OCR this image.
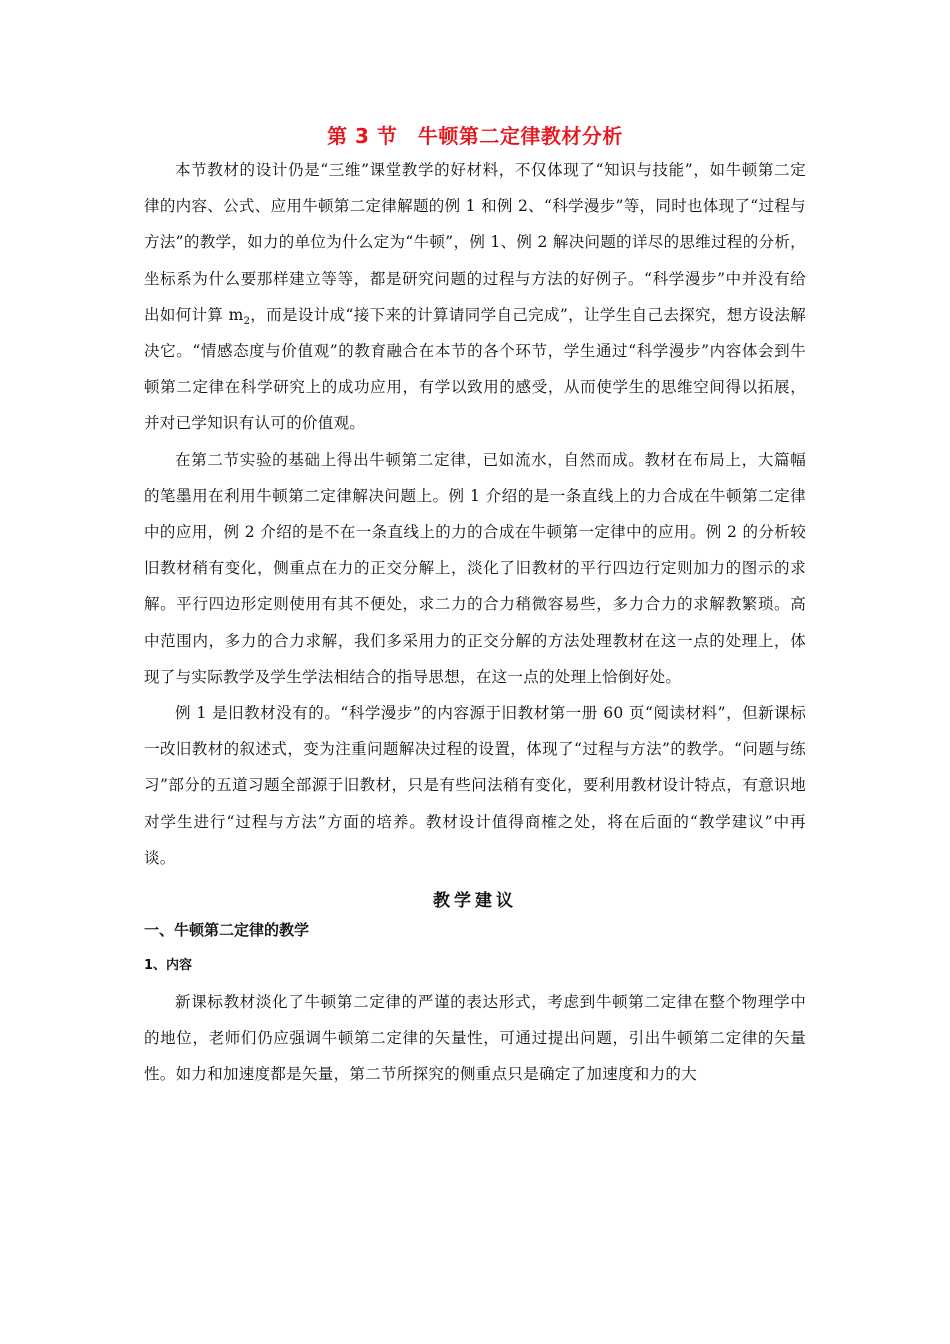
第 3 节　牛顿第二定律教材分析

本节教材的设计仍是“三维”课堂教学的好材料，不仅体现了“知识与技能”，如牛顿第二定律的内容、公式、应用牛顿第二定律解题的例 1 和例 2、“科学漫步”等，同时也体现了“过程与方法”的教学，如力的单位为什么定为“牛顿”，例 1、例 2 解决问题的详尽的思维过程的分析，坐标系为什么要那样建立等等，都是研究问题的过程与方法的好例子。“科学漫步”中并没有给出如何计算 $m_2$，而是设计成“接下来的计算请同学自己完成”，让学生自己去探究，想方设法解决它。“情感态度与价值观”的教育融合在本节的各个环节，学生通过“科学漫步”内容体会到牛顿第二定律在科学研究上的成功应用，有学以致用的感受，从而使学生的思维空间得以拓展，并对已学知识有认可的价值观。

在第二节实验的基础上得出牛顿第二定律，已如流水，自然而成。教材在布局上，大篇幅的笔墨用在利用牛顿第二定律解决问题上。例 1 介绍的是一条直线上的力合成在牛顿第二定律中的应用，例 2 介绍的是不在一条直线上的力的合成在牛顿第一定律中的应用。例 2 的分析较旧教材稍有变化，侧重点在力的正交分解上，淡化了旧教材的平行四边行定则加力的图示的求解。平行四边形定则使用有其不便处，求二力的合力稍微容易些，多力合力的求解教繁琐。高中范围内，多力的合力求解，我们多采用力的正交分解的方法处理教材在这一点的处理上，体现了与实际教学及学生学法相结合的指导思想，在这一点的处理上恰倒好处。

例 1 是旧教材没有的。“科学漫步”的内容源于旧教材第一册 60 页“阅读材料”，但新课标一改旧教材的叙述式，变为注重问题解决过程的设置，体现了“过程与方法”的教学。“问题与练习”部分的五道习题全部源于旧教材，只是有些问法稍有变化，要利用教材设计特点，有意识地对学生进行“过程与方法”方面的培养。教材设计值得商榷之处，将在后面的“教学建议”中再谈。

教学建议
一、牛顿第二定律的教学
1、内容

新课标教材淡化了牛顿第二定律的严谨的表达形式，考虑到牛顿第二定律在整个物理学中的地位，老师们仍应强调牛顿第二定律的矢量性，可通过提出问题，引出牛顿第二定律的矢量性。如力和加速度都是矢量，第二节所探究的侧重点只是确定了加速度和力的大
